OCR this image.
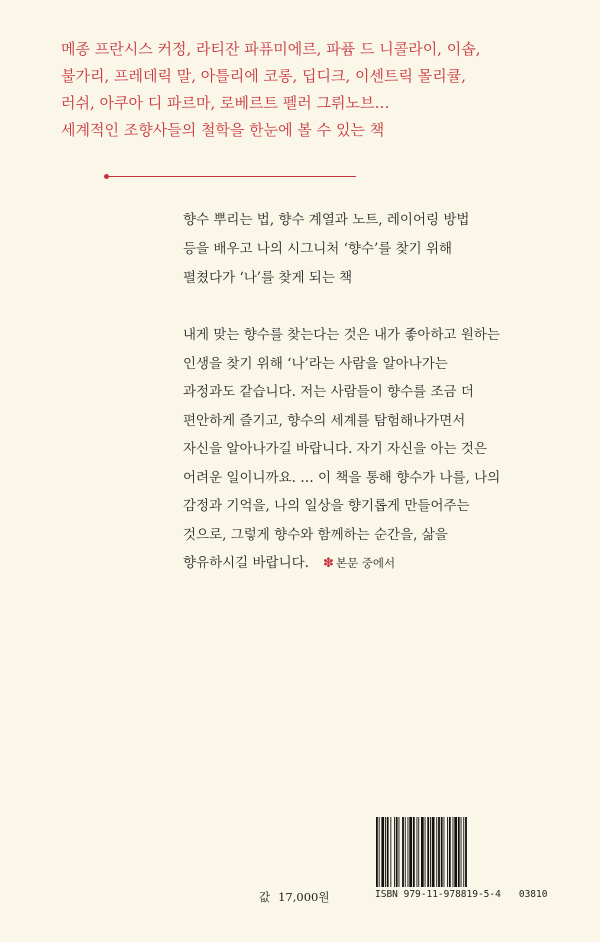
메종 프란시스 커정, 라티잔 파퓨미에르, 파퓸 드 니콜라이, 이솝,

불가리, 프레데릭 말, 아틀리에 코롱, 딥디크, 이센트릭 몰리큘,

러쉬, 아쿠아 디 파르마, 로베르트 펠러 그뤼노브…

세계적인 조향사들의 철학을 한눈에 볼 수 있는 책

향수 뿌리는 법, 향수 계열과 노트, 레이어링 방법

등을 배우고 나의 시그니처 ‘향수’를 찾기 위해

펼쳤다가 ‘나’를 찾게 되는 책

내게 맞는 향수를 찾는다는 것은 내가 좋아하고 원하는

인생을 찾기 위해 ‘나’라는 사람을 알아나가는

과정과도 같습니다. 저는 사람들이 향수를 조금 더

편안하게 즐기고, 향수의 세계를 탐험해나가면서

자신을 알아나가길 바랍니다. 자기 자신을 아는 것은

어려운 일이니까요. … 이 책을 통해 향수가 나를, 나의

감정과 기억을, 나의 일상을 향기롭게 만들어주는

것으로, 그렇게 향수와 함께하는 순간을, 삶을

향유하시길 바랍니다. ✽ 본문 중에서

값 17,000원	ISBN 979-11-978819-5-4 03810
